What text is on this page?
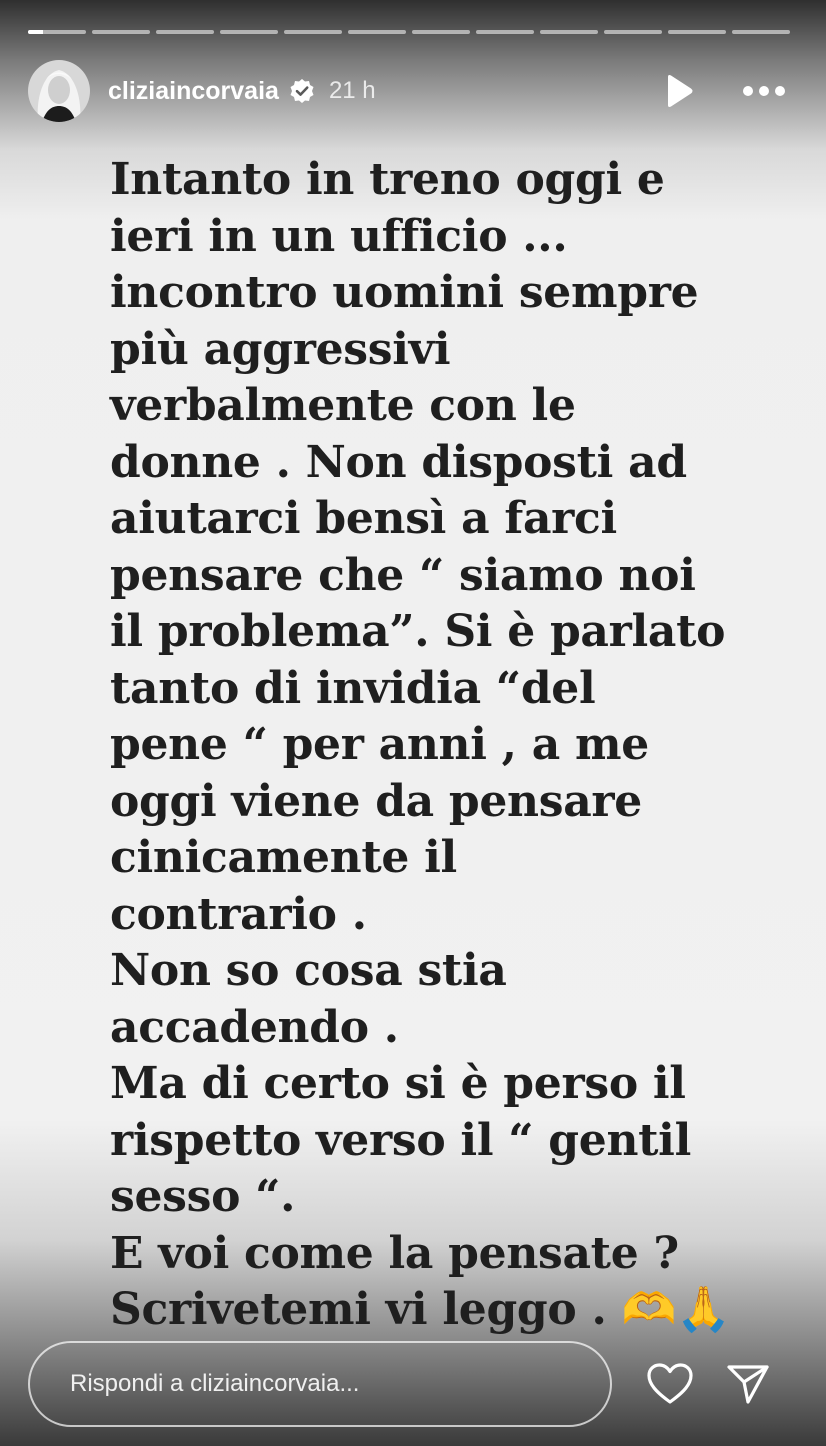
cliziaincorvaia 21 h

Intanto in treno oggi e
ieri in un ufficio ...
incontro uomini sempre
più aggressivi
verbalmente con le
donne . Non disposti ad
aiutarci bensì a farci
pensare che “ siamo noi
il problema”. Si è parlato
tanto di invidia “del
pene “ per anni , a me
oggi viene da pensare
cinicamente il
contrario .
Non so cosa stia
accadendo .
Ma di certo si è perso il
rispetto verso il “ gentil
sesso “.
E voi come la pensate ?
Scrivetemi vi leggo . 🫶🙏

Rispondi a cliziaincorvaia...
